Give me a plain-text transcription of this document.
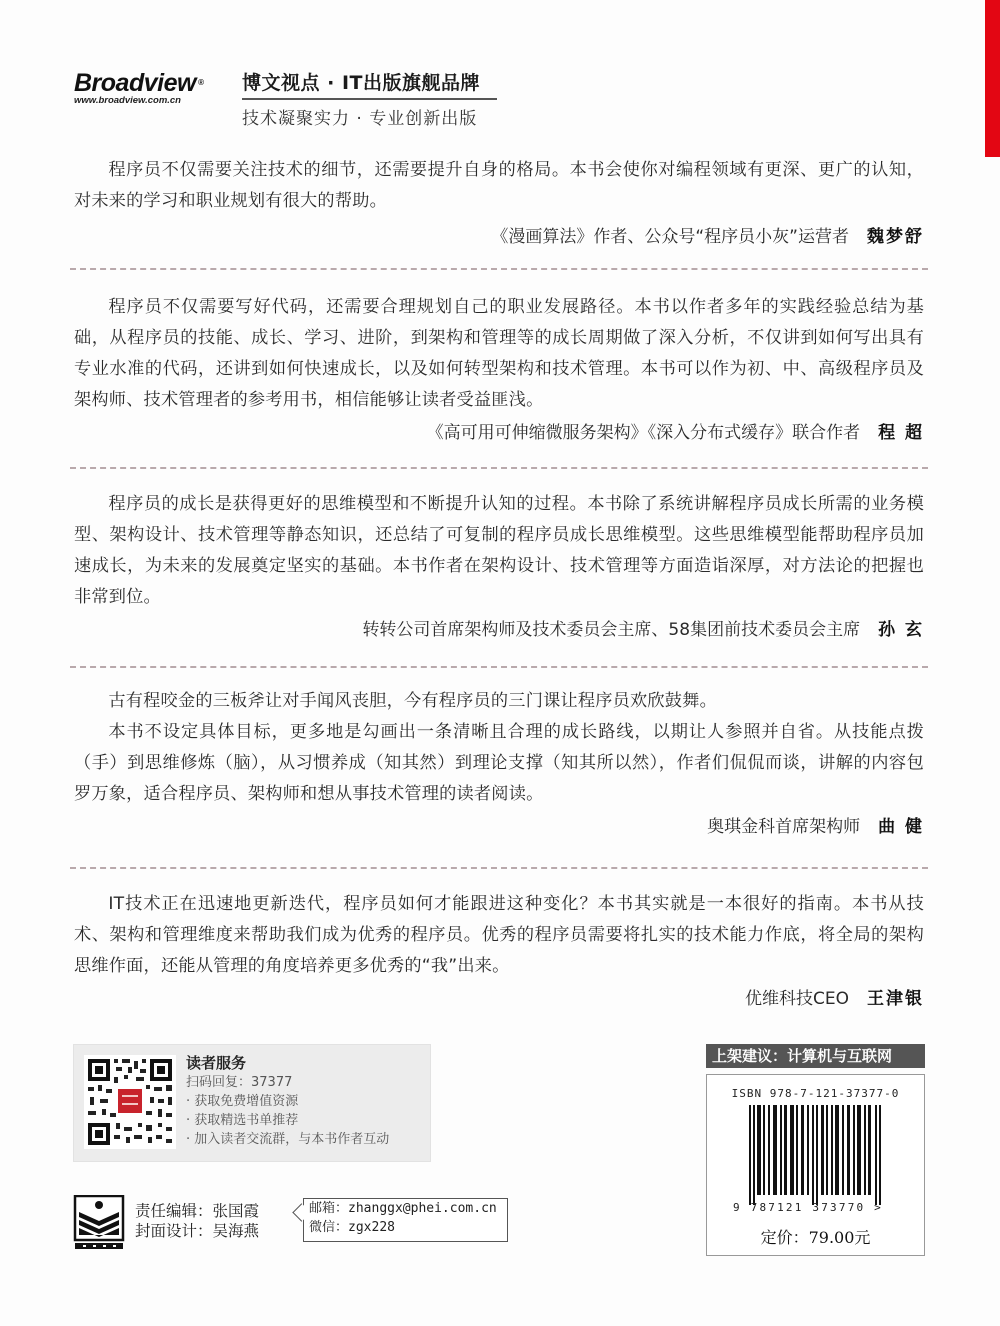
Broadview ®
www.broadview.com.cn
博文视点 · IT出版旗舰品牌
技术凝聚实力 · 专业创新出版

程序员不仅需要关注技术的细节，还需要提升自身的格局。本书会使你对编程领域有更深、更广的认知，对未来的学习和职业规划有很大的帮助。

《漫画算法》作者、公众号“程序员小灰”运营者 魏梦舒

程序员不仅需要写好代码，还需要合理规划自己的职业发展路径。本书以作者多年的实践经验总结为基础，从程序员的技能、成长、学习、进阶，到架构和管理等的成长周期做了深入分析，不仅讲到如何写出具有专业水准的代码，还讲到如何快速成长，以及如何转型架构和技术管理。本书可以作为初、中、高级程序员及架构师、技术管理者的参考用书，相信能够让读者受益匪浅。

《高可用可伸缩微服务架构》《深入分布式缓存》联合作者 程 超

程序员的成长是获得更好的思维模型和不断提升认知的过程。本书除了系统讲解程序员成长所需的业务模型、架构设计、技术管理等静态知识，还总结了可复制的程序员成长思维模型。这些思维模型能帮助程序员加速成长，为未来的发展奠定坚实的基础。本书作者在架构设计、技术管理等方面造诣深厚，对方法论的把握也非常到位。

转转公司首席架构师及技术委员会主席、58集团前技术委员会主席 孙 玄

古有程咬金的三板斧让对手闻风丧胆，今有程序员的三门课让程序员欢欣鼓舞。

本书不设定具体目标，更多地是勾画出一条清晰且合理的成长路线，以期让人参照并自省。从技能点拨（手）到思维修炼（脑），从习惯养成（知其然）到理论支撑（知其所以然），作者们侃侃而谈，讲解的内容包罗万象，适合程序员、架构师和想从事技术管理的读者阅读。

奥琪金科首席架构师 曲 健

IT技术正在迅速地更新迭代，程序员如何才能跟进这种变化？本书其实就是一本很好的指南。本书从技术、架构和管理维度来帮助我们成为优秀的程序员。优秀的程序员需要将扎实的技术能力作底，将全局的架构思维作面，还能从管理的角度培养更多优秀的“我”出来。

优维科技CEO 王津银
读者服务
扫码回复：37377
· 获取免费增值资源
· 获取精选书单推荐
· 加入读者交流群，与本书作者互动
责任编辑：张国霞
封面设计：吴海燕
邮箱：zhanggx@phei.com.cn
微信：zgx228
上架建议：计算机与互联网
ISBN 978-7-121-37377-0
9 787121 373770 >
定价：79.00元
